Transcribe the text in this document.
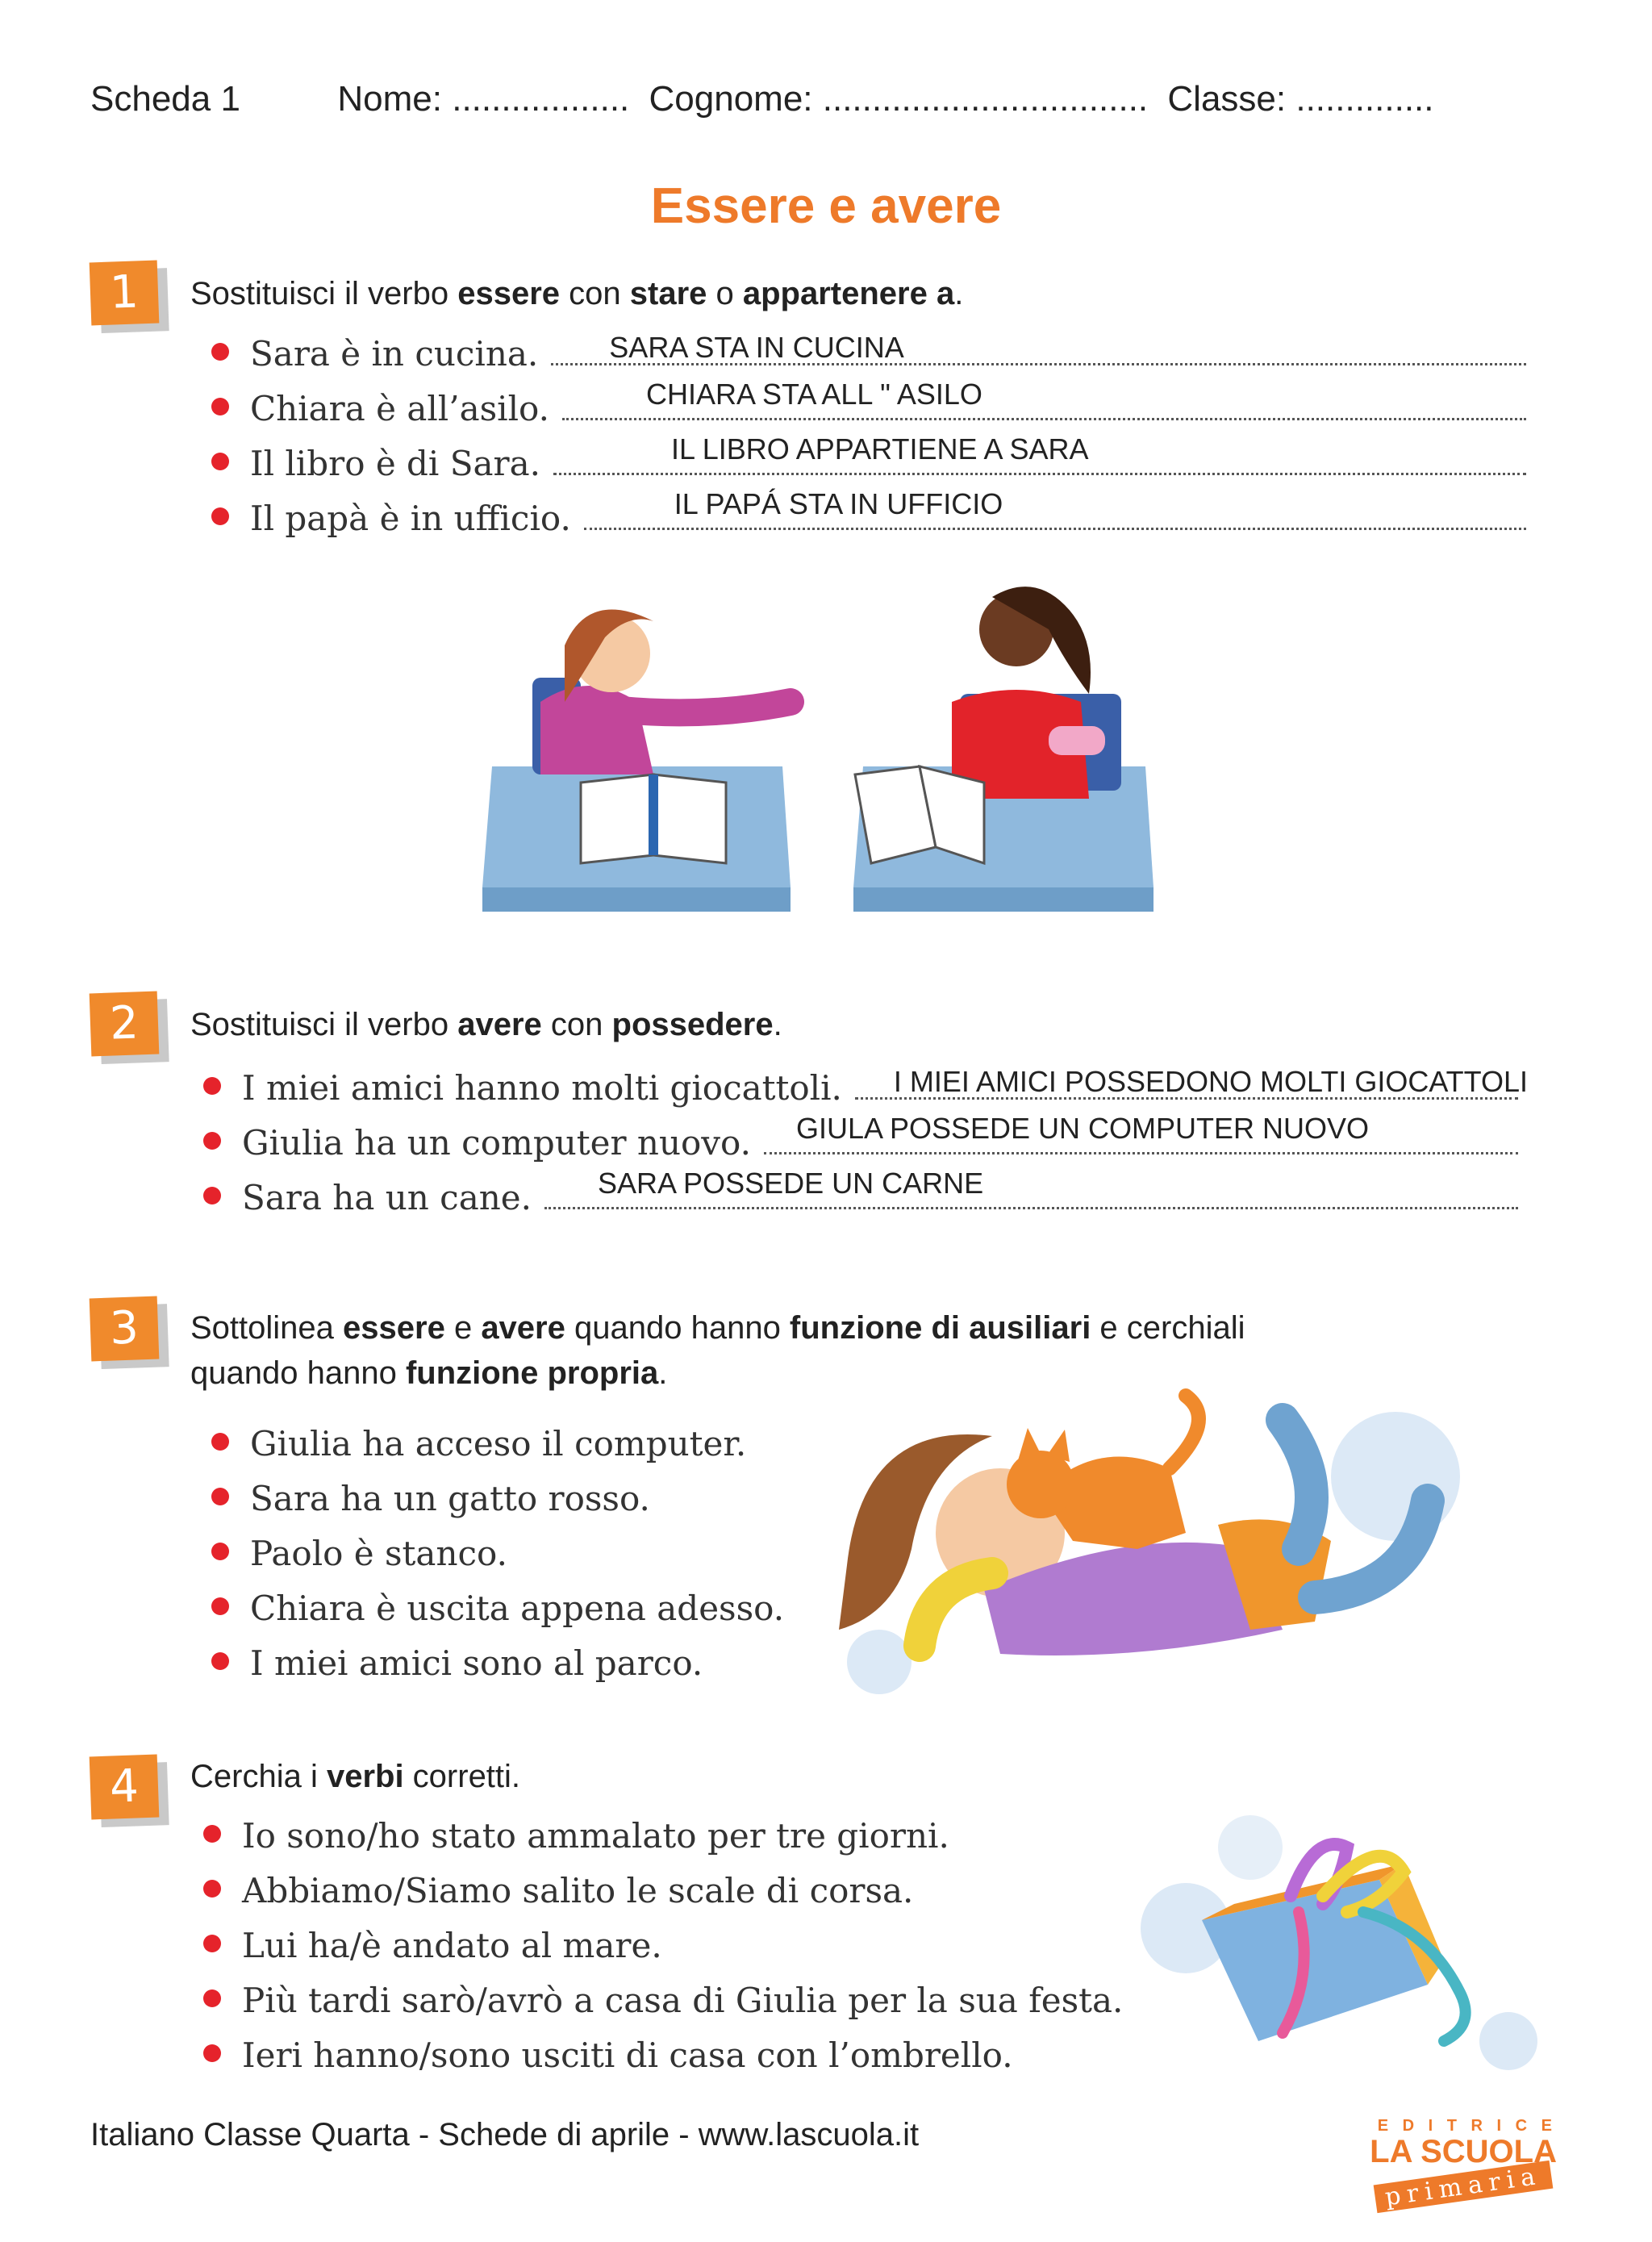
Scheda 1	Nome: .................. Cognome: ................................. Classe: ..............
Essere e avere
1	Sostituisci il verbo essere con stare o appartenere a.
Sara è in cucina. SARA STA IN CUCINA
Chiara è all’asilo.	CHIARA STA ALL " ASILO
Il libro è di Sara.	IL LIBRO APPARTIENE A SARA
Il papà è in ufficio.	IL PAPÁ STA IN UFFICIO
2	Sostituisci il verbo avere con possedere.
I miei amici hanno molti giocattoli. I MIEI AMICI POSSEDONO MOLTI GIOCATTOLI
Giulia ha un computer nuovo. GIULA POSSEDE UN COMPUTER NUOVO
Sara ha un cane. SARA POSSEDE UN CARNE
3	Sottolinea essere e avere quando hanno funzione di ausiliari e cerchiali
quando hanno funzione propria.
Giulia ha acceso il computer.
Sara ha un gatto rosso.
Paolo è stanco.
Chiara è uscita appena adesso.
I miei amici sono al parco.
4	Cerchia i verbi corretti.
Io sono/ho stato ammalato per tre giorni.
Abbiamo/Siamo salito le scale di corsa.
Lui ha/è andato al mare.
Più tardi sarò/avrò a casa di Giulia per la sua festa.
Ieri hanno/sono usciti di casa con l’ombrello.
Italiano Classe Quarta - Schede di aprile - www.lascuola.it	E D I T R I C E
LA SCUOLA
primaria
